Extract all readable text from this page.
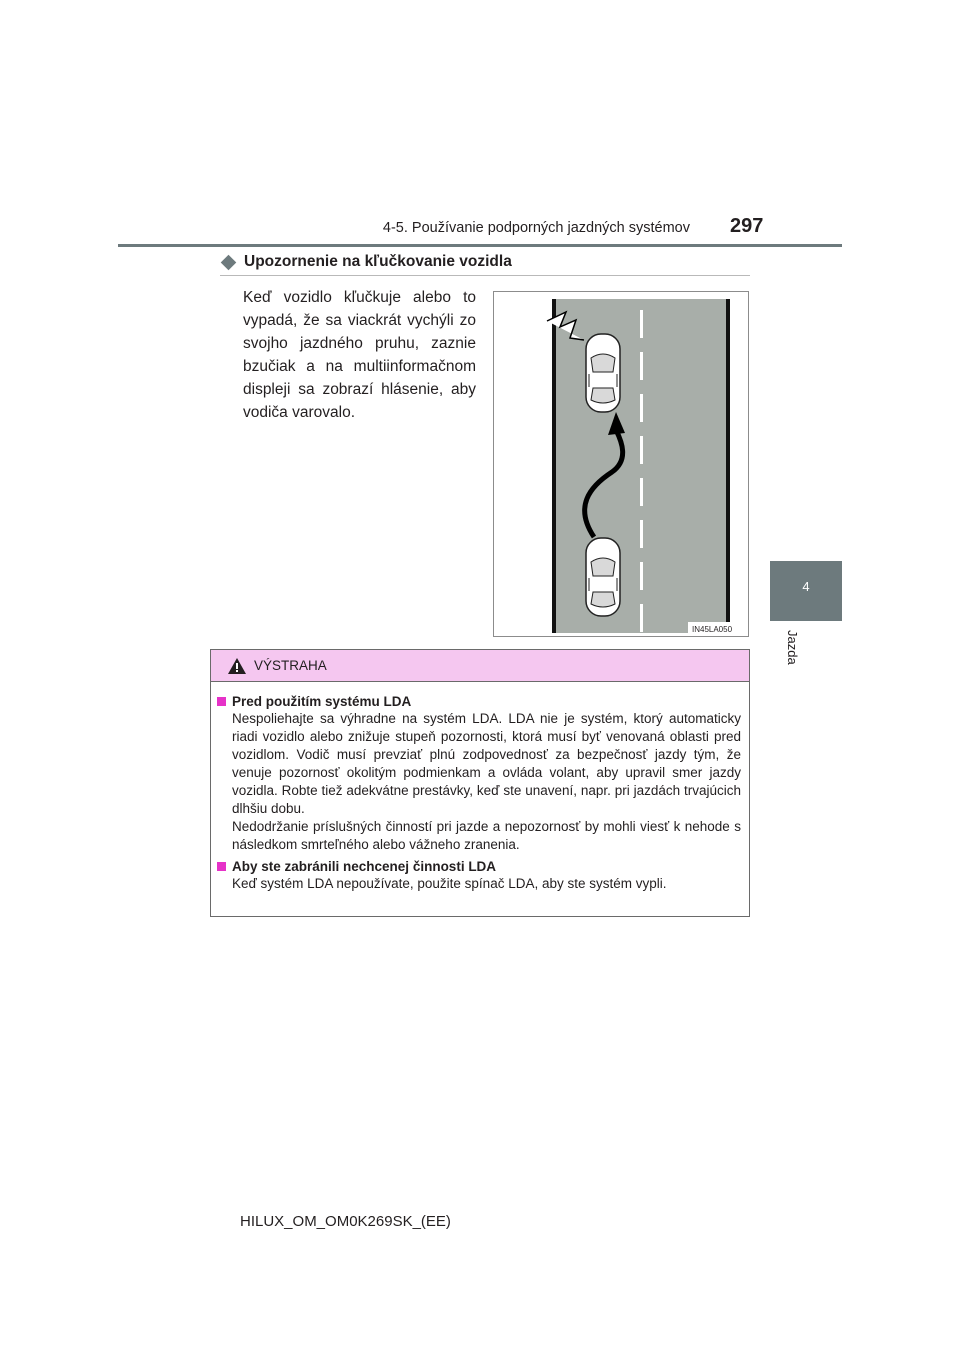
4-5. Používanie podporných jazdných systémov 297
4
Jazda
Upozornenie na kľučkovanie vozidla
Keď vozidlo kľučkuje alebo to vypadá, že sa viackrát vychýli zo svojho jazdného pruhu, zaznie bzučiak a na multiinformačnom displeji sa zobrazí hlásenie, aby vodiča varovalo.
IN45LA050
VÝSTRAHA
Pred použitím systému LDA

Nespoliehajte sa výhradne na systém LDA. LDA nie je systém, ktorý automaticky riadi vozidlo alebo znižuje stupeň pozornosti, ktorá musí byť venovaná oblasti pred vozidlom. Vodič musí prevziať plnú zodpovednosť za bezpečnosť jazdy tým, že venuje pozornosť okolitým podmienkam a ovláda volant, aby upravil smer jazdy vozidla. Robte tiež adekvátne prestávky, keď ste unavení, napr. pri jazdách trvajúcich dlhšiu dobu.

Nedodržanie príslušných činností pri jazde a nepozornosť by mohli viesť k nehode s následkom smrteľného alebo vážneho zranenia.

Aby ste zabránili nechcenej činnosti LDA

Keď systém LDA nepoužívate, použite spínač LDA, aby ste systém vypli.

HILUX_OM_OM0K269SK_(EE)
